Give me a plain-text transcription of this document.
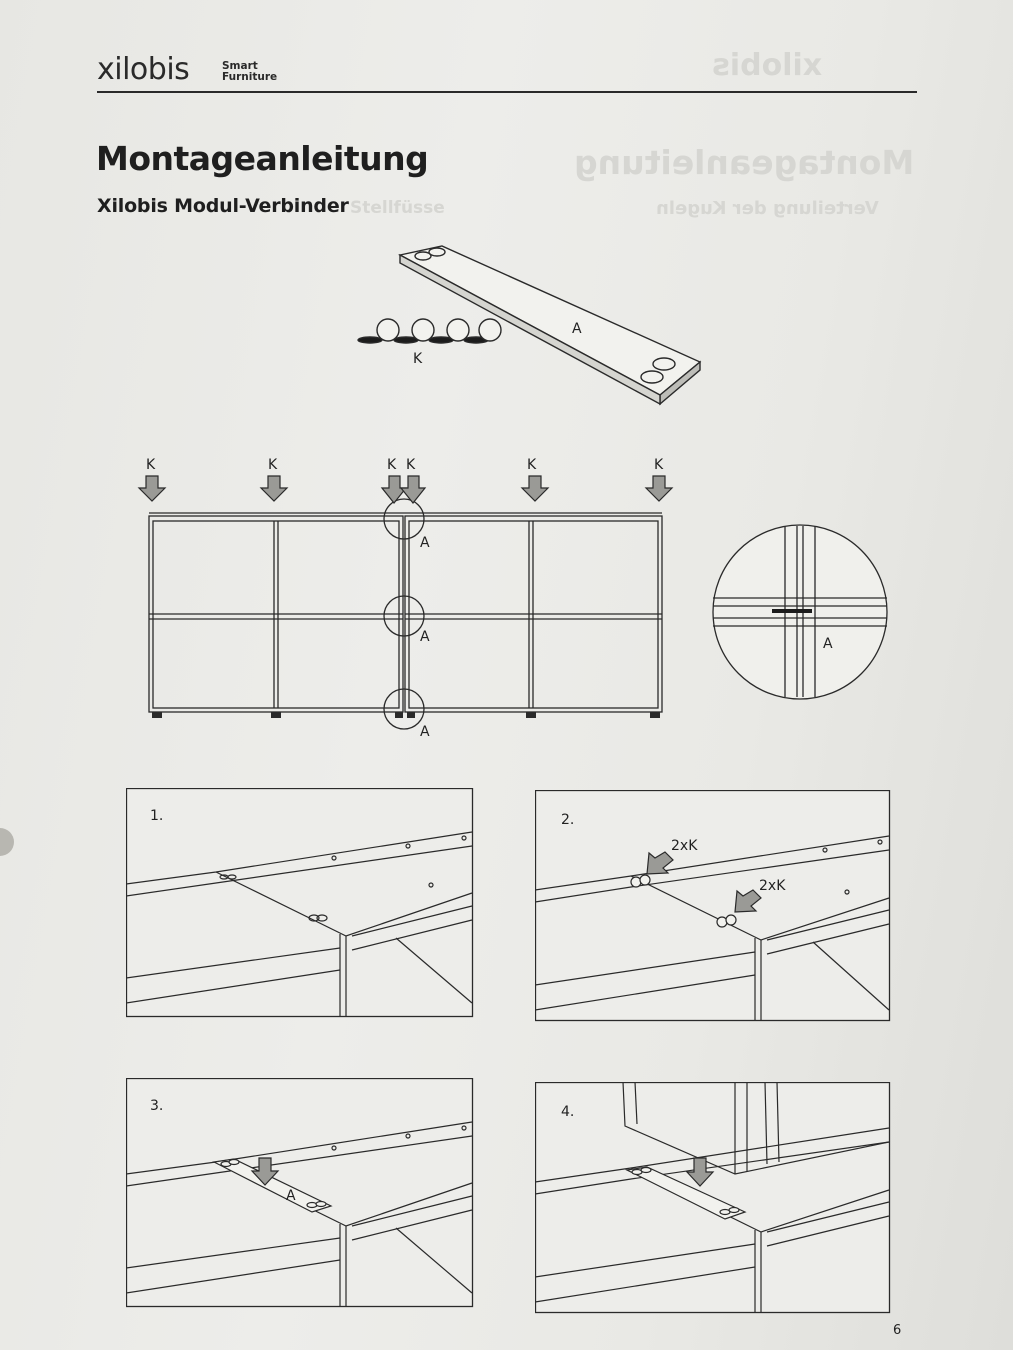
xilobis
Montageanleitung
Verteilung der Kugeln
Stellfüsse
xilobis	Smart
Furniture
Montageanleitung
Xilobis Modul-Verbinder
A
K
K	K	K K	K	K
A
A
A
A
1.	2.
2xK
2xK
3.
A
4.
6
